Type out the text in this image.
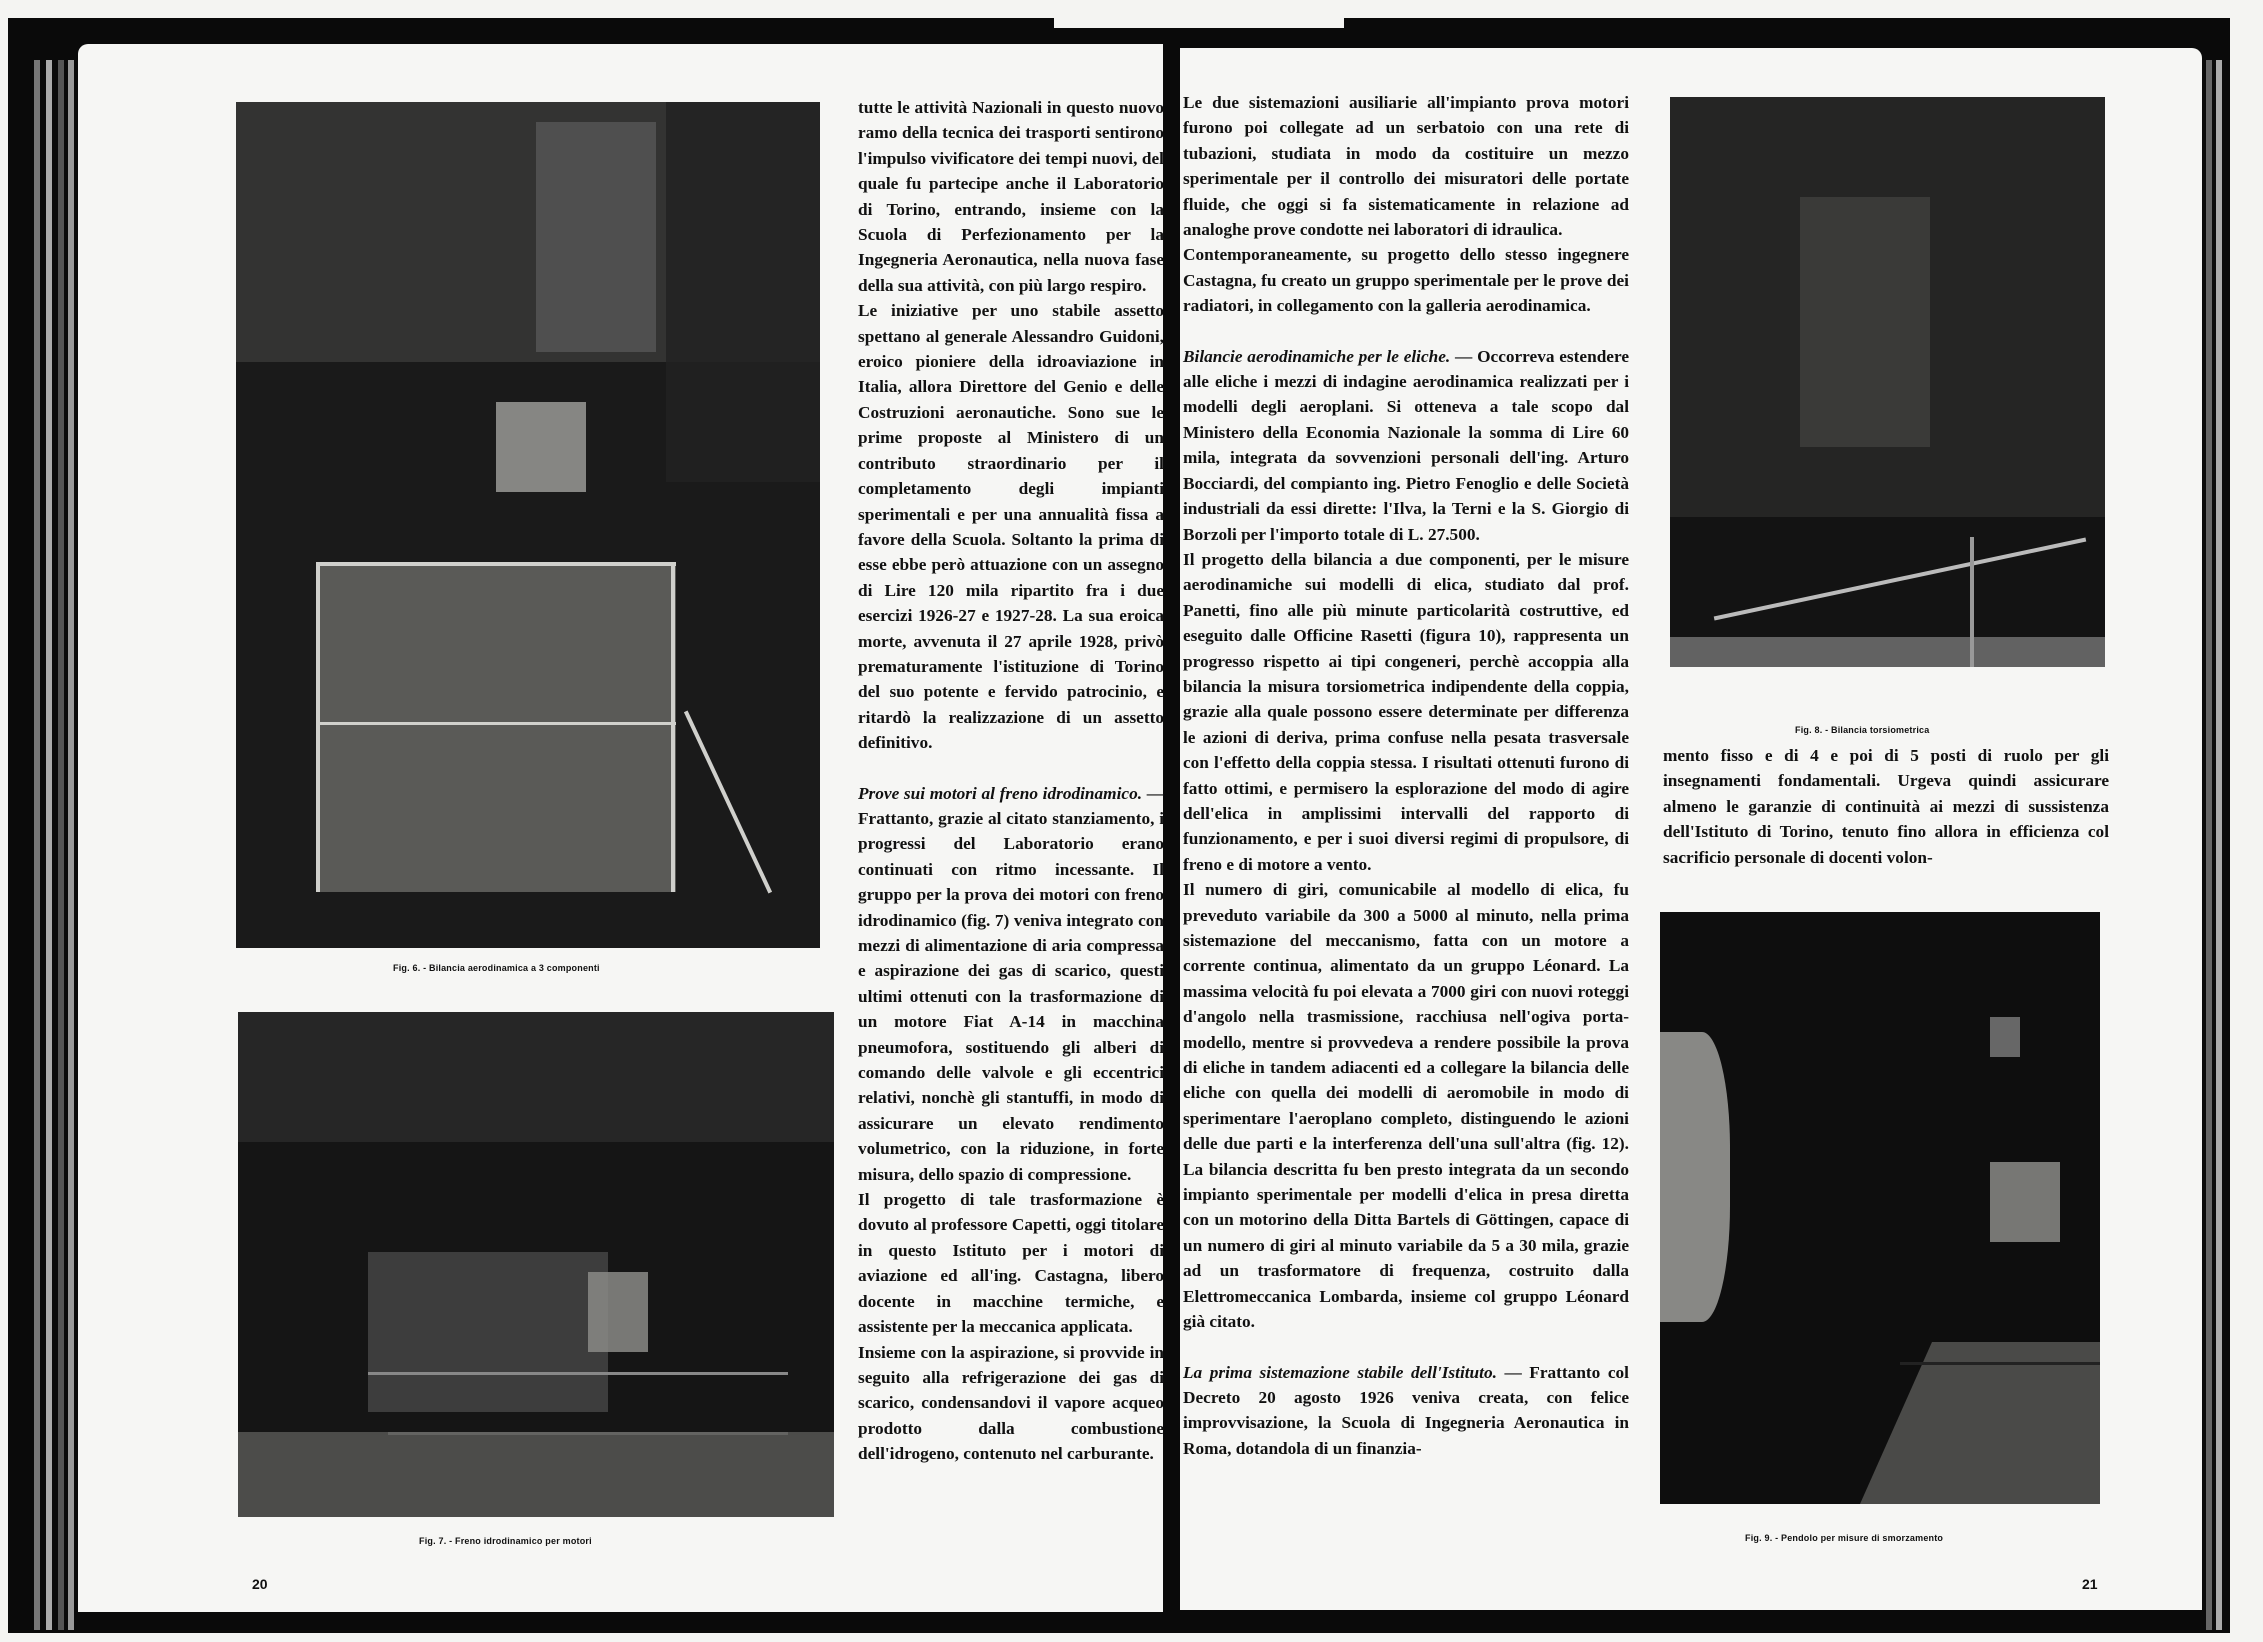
Fig. 6. - Bilancia aerodinamica a 3 componenti
Fig. 7. - Freno idrodinamico per motori
20

tutte le attività Nazionali in questo nuovo ramo della tecnica dei trasporti sentirono l'impulso vivificatore dei tempi nuovi, del quale fu partecipe anche il Laboratorio di Torino, entrando, insieme con la Scuola di Perfezionamento per la Ingegneria Aeronautica, nella nuova fase della sua attività, con più largo respiro.

Le iniziative per uno stabile assetto spettano al generale Alessandro Guidoni, eroico pioniere della idroaviazione in Italia, allora Direttore del Genio e delle Costruzioni aeronautiche. Sono sue le prime proposte al Ministero di un contributo straordinario per il completamento degli impianti sperimentali e per una annualità fissa a favore della Scuola. Soltanto la prima di esse ebbe però attuazione con un assegno di Lire 120 mila ripartito fra i due esercizi 1926-27 e 1927-28. La sua eroica morte, avvenuta il 27 aprile 1928, privò prematuramente l'istituzione di Torino del suo potente e fervido patrocinio, e ritardò la realizzazione di un assetto definitivo.

Prove sui motori al freno idrodinamico. — Frattanto, grazie al citato stanziamento, i progressi del Laboratorio erano continuati con ritmo incessante. Il gruppo per la prova dei motori con freno idrodinamico (fig. 7) veniva integrato con mezzi di alimentazione di aria compressa e aspirazione dei gas di scarico, questi ultimi ottenuti con la trasformazione di un motore Fiat A-14 in macchina pneumofora, sostituendo gli alberi di comando delle valvole e gli eccentrici relativi, nonchè gli stantuffi, in modo di assicurare un elevato rendimento volumetrico, con la riduzione, in forte misura, dello spazio di compressione.

Il progetto di tale trasformazione è dovuto al professore Capetti, oggi titolare in questo Istituto per i motori di aviazione ed all'ing. Castagna, libero docente in macchine termiche, e assistente per la meccanica applicata.

Insieme con la aspirazione, si provvide in seguito alla refrigerazione dei gas di scarico, condensandovi il vapore acqueo prodotto dalla combustione dell'idrogeno, contenuto nel carburante.

Le due sistemazioni ausiliarie all'impianto prova motori furono poi collegate ad un serbatoio con una rete di tubazioni, studiata in modo da costituire un mezzo sperimentale per il controllo dei misuratori delle portate fluide, che oggi si fa sistematicamente in relazione ad analoghe prove condotte nei laboratori di idraulica.

Contemporaneamente, su progetto dello stesso ingegnere Castagna, fu creato un gruppo sperimentale per le prove dei radiatori, in collegamento con la galleria aerodinamica.

Bilancie aerodinamiche per le eliche. — Occorreva estendere alle eliche i mezzi di indagine aerodinamica realizzati per i modelli degli aeroplani. Si otteneva a tale scopo dal Ministero della Economia Nazionale la somma di Lire 60 mila, integrata da sovvenzioni personali dell'ing. Arturo Bocciardi, del compianto ing. Pietro Fenoglio e delle Società industriali da essi dirette: l'Ilva, la Terni e la S. Giorgio di Borzoli per l'importo totale di L. 27.500.

Il progetto della bilancia a due componenti, per le misure aerodinamiche sui modelli di elica, studiato dal prof. Panetti, fino alle più minute particolarità costruttive, ed eseguito dalle Officine Rasetti (figura 10), rappresenta un progresso rispetto ai tipi congeneri, perchè accoppia alla bilancia la misura torsiometrica indipendente della coppia, grazie alla quale possono essere determinate per differenza le azioni di deriva, prima confuse nella pesata trasversale con l'effetto della coppia stessa. I risultati ottenuti furono di fatto ottimi, e permisero la esplorazione del modo di agire dell'elica in amplissimi intervalli del rapporto di funzionamento, e per i suoi diversi regimi di propulsore, di freno e di motore a vento.

Il numero di giri, comunicabile al modello di elica, fu preveduto variabile da 300 a 5000 al minuto, nella prima sistemazione del meccanismo, fatta con un motore a corrente continua, alimentato da un gruppo Léonard. La massima velocità fu poi elevata a 7000 giri con nuovi roteggi d'angolo nella trasmissione, racchiusa nell'ogiva porta-modello, mentre si provvedeva a rendere possibile la prova di eliche in tandem adiacenti ed a collegare la bilancia delle eliche con quella dei modelli di aeromobile in modo di sperimentare l'aeroplano completo, distinguendo le azioni delle due parti e la interferenza dell'una sull'altra (fig. 12). La bilancia descritta fu ben presto integrata da un secondo impianto sperimentale per modelli d'elica in presa diretta con un motorino della Ditta Bartels di Göttingen, capace di un numero di giri al minuto variabile da 5 a 30 mila, grazie ad un trasformatore di frequenza, costruito dalla Elettromeccanica Lombarda, insieme col gruppo Léonard già citato.

La prima sistemazione stabile dell'Istituto. — Frattanto col Decreto 20 agosto 1926 veniva creata, con felice improvvisazione, la Scuola di Ingegneria Aeronautica in Roma, dotandola di un finanzia-

Fig. 8. - Bilancia torsiometrica

mento fisso e di 4 e poi di 5 posti di ruolo per gli insegnamenti fondamentali. Urgeva quindi assicurare almeno le garanzie di continuità ai mezzi di sussistenza dell'Istituto di Torino, tenuto fino allora in efficienza col sacrificio personale di docenti volon-

Fig. 9. - Pendolo per misure di smorzamento
21
